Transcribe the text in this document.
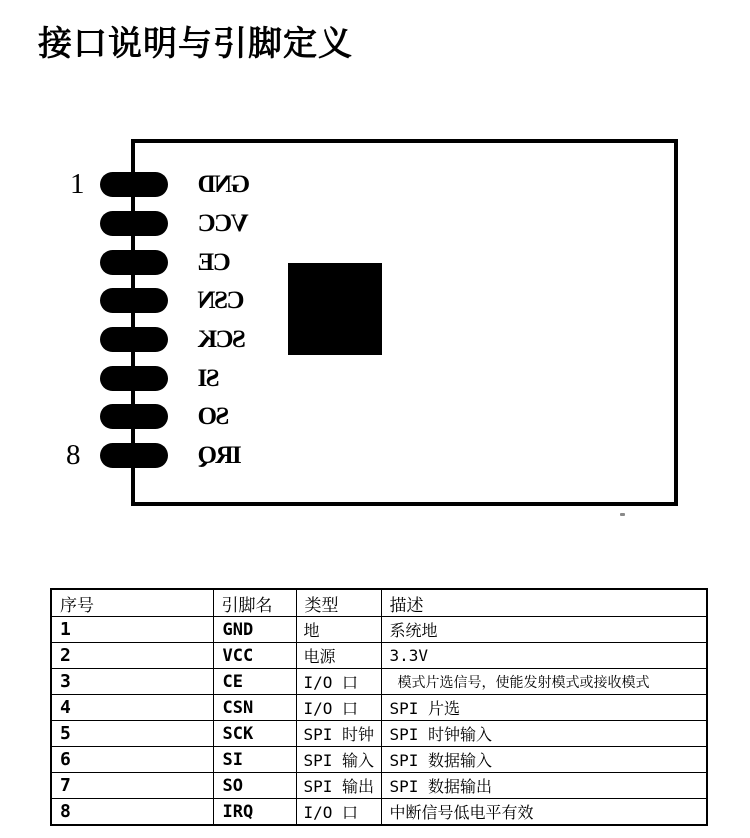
接口说明与引脚定义
GND
VCC
CE
CSN
SCK
SI
SO
IRQ
1
8
序号	引脚名	类型	描述
1	GND	地	系统地
2	VCC	电源	3.3V
3	CE	I/O 口	模式片选信号，使能发射模式或接收模式
4	CSN	I/O 口	SPI 片选
5	SCK	SPI 时钟	SPI 时钟输入
6	SI	SPI 输入	SPI 数据输入
7	SO	SPI 输出	SPI 数据输出
8	IRQ	I/O 口	中断信号低电平有效
